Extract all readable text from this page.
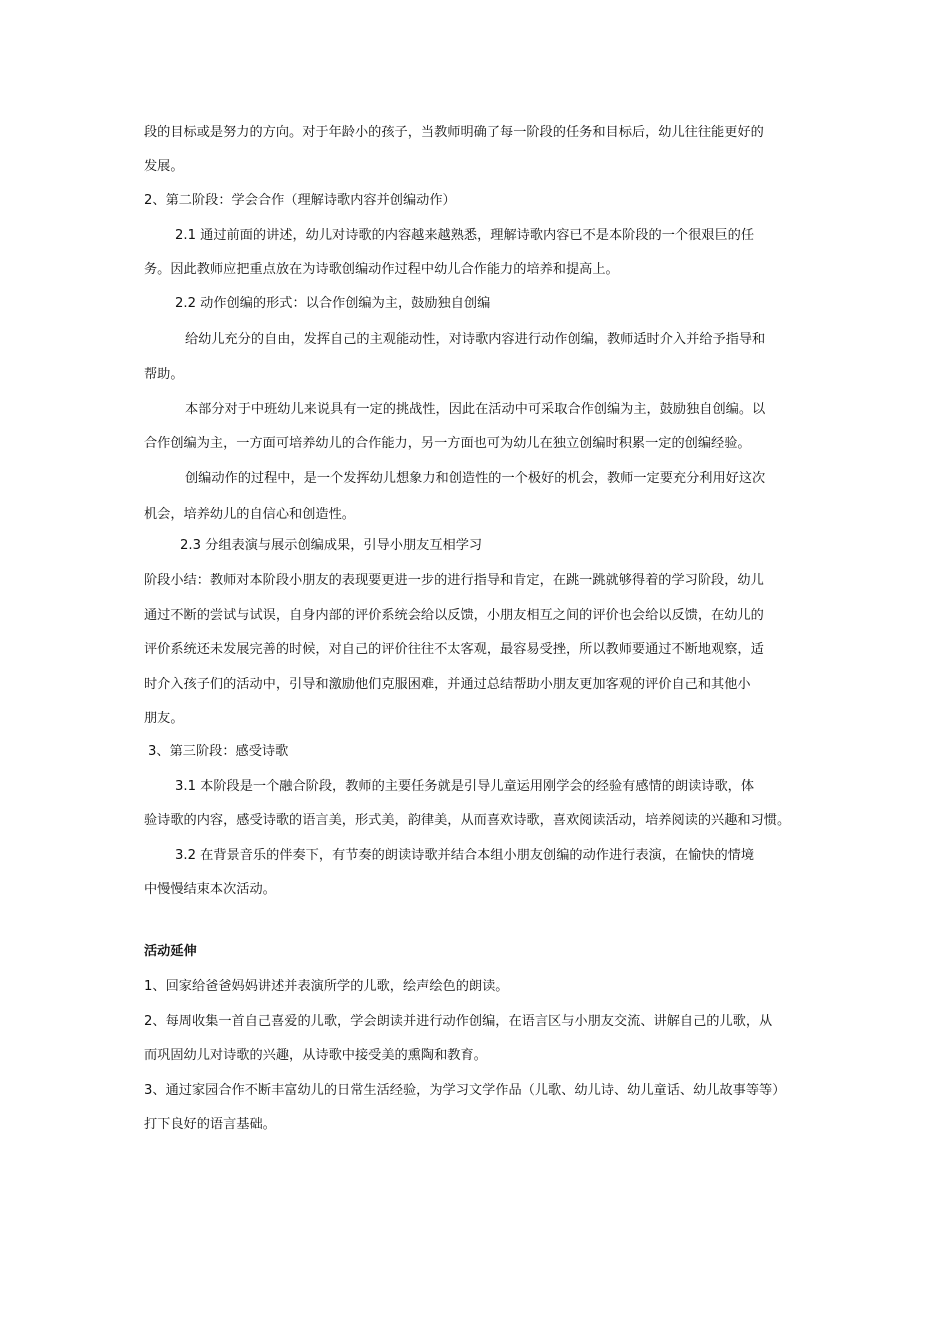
段的目标或是努力的方向。对于年龄小的孩子，当教师明确了每一阶段的任务和目标后，幼儿往往能更好的
发展。
2、第二阶段：学会合作（理解诗歌内容并创编动作）
2.1 通过前面的讲述，幼儿对诗歌的内容越来越熟悉，理解诗歌内容已不是本阶段的一个很艰巨的任
务。因此教师应把重点放在为诗歌创编动作过程中幼儿合作能力的培养和提高上。
2.2 动作创编的形式：以合作创编为主，鼓励独自创编
给幼儿充分的自由，发挥自己的主观能动性，对诗歌内容进行动作创编，教师适时介入并给予指导和
帮助。
本部分对于中班幼儿来说具有一定的挑战性，因此在活动中可采取合作创编为主，鼓励独自创编。以
合作创编为主，一方面可培养幼儿的合作能力，另一方面也可为幼儿在独立创编时积累一定的创编经验。
创编动作的过程中，是一个发挥幼儿想象力和创造性的一个极好的机会，教师一定要充分利用好这次
机会，培养幼儿的自信心和创造性。
2.3 分组表演与展示创编成果，引导小朋友互相学习
阶段小结：教师对本阶段小朋友的表现要更进一步的进行指导和肯定，在跳一跳就够得着的学习阶段，幼儿
通过不断的尝试与试误，自身内部的评价系统会给以反馈，小朋友相互之间的评价也会给以反馈，在幼儿的
评价系统还未发展完善的时候，对自己的评价往往不太客观，最容易受挫，所以教师要通过不断地观察，适
时介入孩子们的活动中，引导和激励他们克服困难，并通过总结帮助小朋友更加客观的评价自己和其他小
朋友。
3、第三阶段：感受诗歌
3.1 本阶段是一个融合阶段，教师的主要任务就是引导儿童运用刚学会的经验有感情的朗读诗歌，体
验诗歌的内容，感受诗歌的语言美，形式美，韵律美，从而喜欢诗歌，喜欢阅读活动，培养阅读的兴趣和习惯。
3.2 在背景音乐的伴奏下，有节奏的朗读诗歌并结合本组小朋友创编的动作进行表演，在愉快的情境
中慢慢结束本次活动。
活动延伸
1、回家给爸爸妈妈讲述并表演所学的儿歌，绘声绘色的朗读。
2、每周收集一首自己喜爱的儿歌，学会朗读并进行动作创编，在语言区与小朋友交流、讲解自己的儿歌，从
而巩固幼儿对诗歌的兴趣，从诗歌中接受美的熏陶和教育。
3、通过家园合作不断丰富幼儿的日常生活经验，为学习文学作品（儿歌、幼儿诗、幼儿童话、幼儿故事等等）
打下良好的语言基础。
